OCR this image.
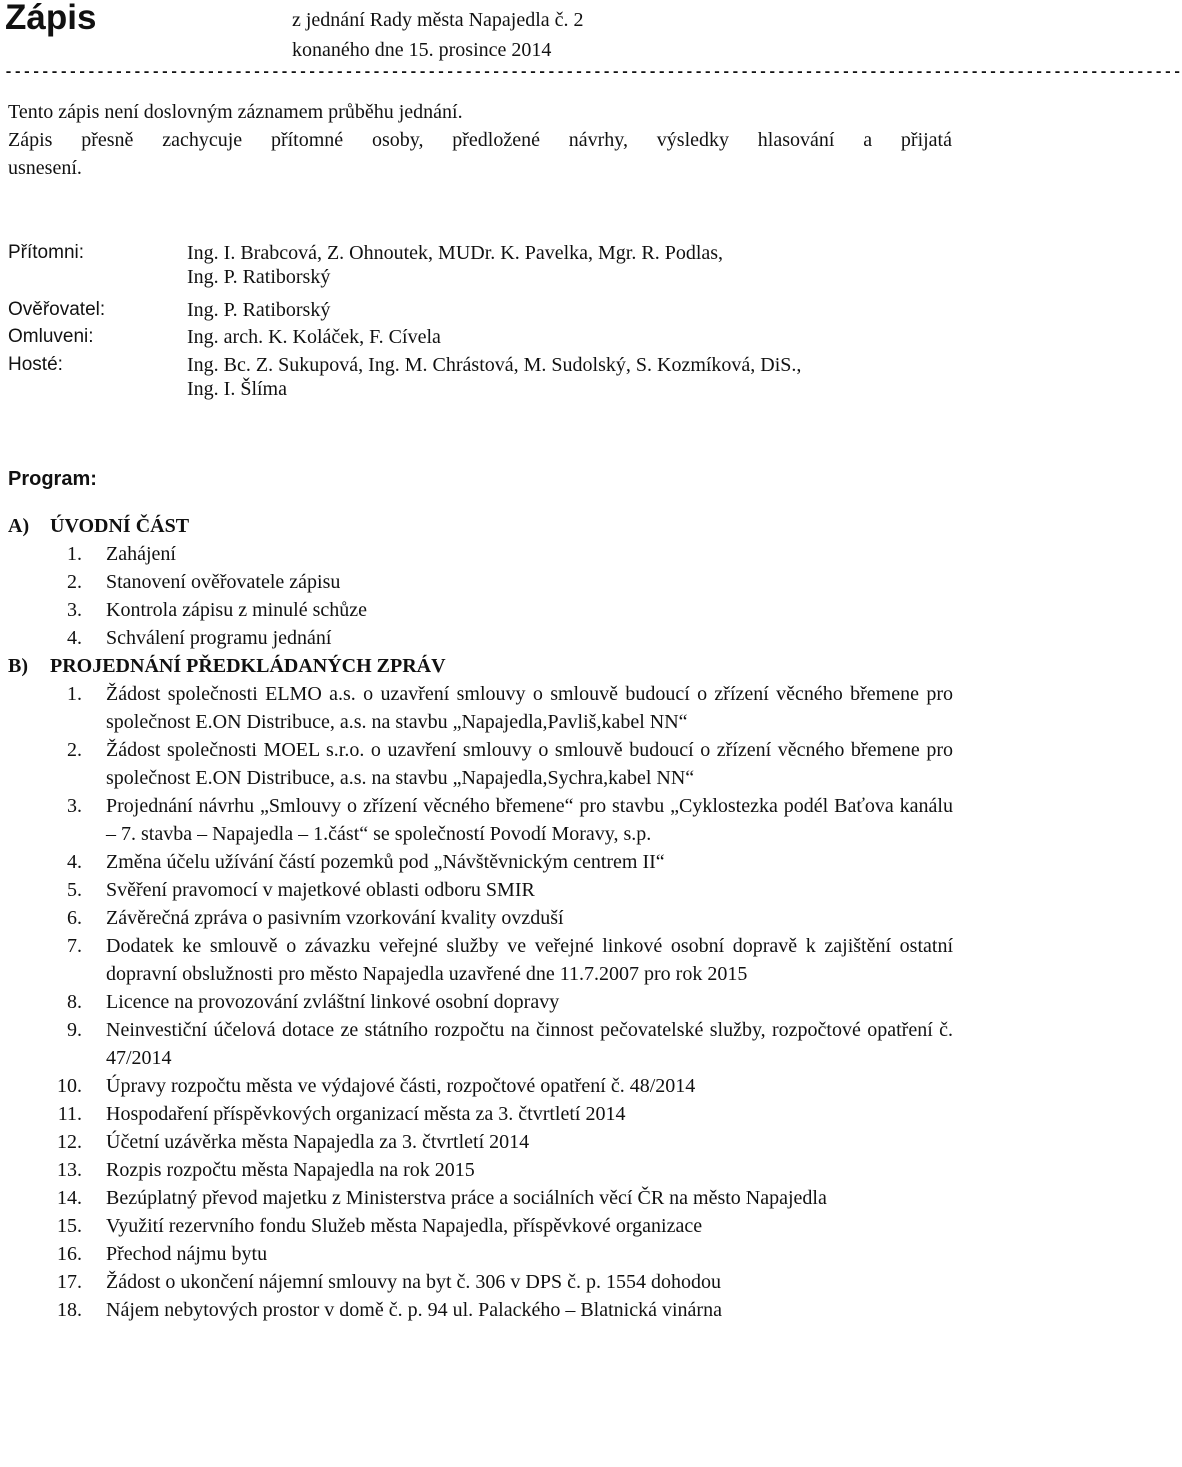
Zápis	z jednání Rady města Napajedla č. 2
konaného dne 15. prosince 2014
--------------------------------------------------------------------------------------------------------------------------------

Tento zápis není doslovným záznamem průběhu jednání.

Zápis přesně zachycuje přítomné osoby, předložené návrhy, výsledky hlasování a přijatá

usnesení.

Přítomni:	Ing. I. Brabcová, Z. Ohnoutek, MUDr. K. Pavelka, Mgr. R. Podlas,
Ing. P. Ratiborský
Ověřovatel:	Ing. P. Ratiborský
Omluveni:	Ing. arch. K. Koláček, F. Cívela
Hosté:	Ing. Bc. Z. Sukupová, Ing. M. Chrástová, M. Sudolský, S. Kozmíková, DiS.,
Ing. I. Šlíma
Program:
A) ÚVODNÍ ČÁST
1. Zahájení
2. Stanovení ověřovatele zápisu
3. Kontrola zápisu z minulé schůze
4. Schválení programu jednání
B) PROJEDNÁNÍ PŘEDKLÁDANÝCH ZPRÁV
1. Žádost společnosti ELMO a.s. o uzavření smlouvy o smlouvě budoucí o zřízení věcného břemene pro společnost E.ON Distribuce, a.s. na stavbu „Napajedla,Pavliš,kabel NN“
2. Žádost společnosti MOEL s.r.o. o uzavření smlouvy o smlouvě budoucí o zřízení věcného břemene pro společnost E.ON Distribuce, a.s. na stavbu „Napajedla,Sychra,kabel NN“
3. Projednání návrhu „Smlouvy o zřízení věcného břemene“ pro stavbu „Cyklostezka podél Baťova kanálu – 7. stavba – Napajedla – 1.část“ se společností Povodí Moravy, s.p.
4. Změna účelu užívání částí pozemků pod „Návštěvnickým centrem II“
5. Svěření pravomocí v majetkové oblasti odboru SMIR
6. Závěrečná zpráva o pasivním vzorkování kvality ovzduší
7. Dodatek ke smlouvě o závazku veřejné služby ve veřejné linkové osobní dopravě k zajištění ostatní dopravní obslužnosti pro město Napajedla uzavřené dne 11.7.2007 pro rok 2015
8. Licence na provozování zvláštní linkové osobní dopravy
9. Neinvestiční účelová dotace ze státního rozpočtu na činnost pečovatelské služby, rozpočtové opatření č. 47/2014
10. Úpravy rozpočtu města ve výdajové části, rozpočtové opatření č. 48/2014
11. Hospodaření příspěvkových organizací města za 3. čtvrtletí 2014
12. Účetní uzávěrka města Napajedla za 3. čtvrtletí 2014
13. Rozpis rozpočtu města Napajedla na rok 2015
14. Bezúplatný převod majetku z Ministerstva práce a sociálních věcí ČR na město Napajedla
15. Využití rezervního fondu Služeb města Napajedla, příspěvkové organizace
16. Přechod nájmu bytu
17. Žádost o ukončení nájemní smlouvy na byt č. 306 v DPS č. p. 1554 dohodou
18. Nájem nebytových prostor v domě č. p. 94 ul. Palackého – Blatnická vinárna
